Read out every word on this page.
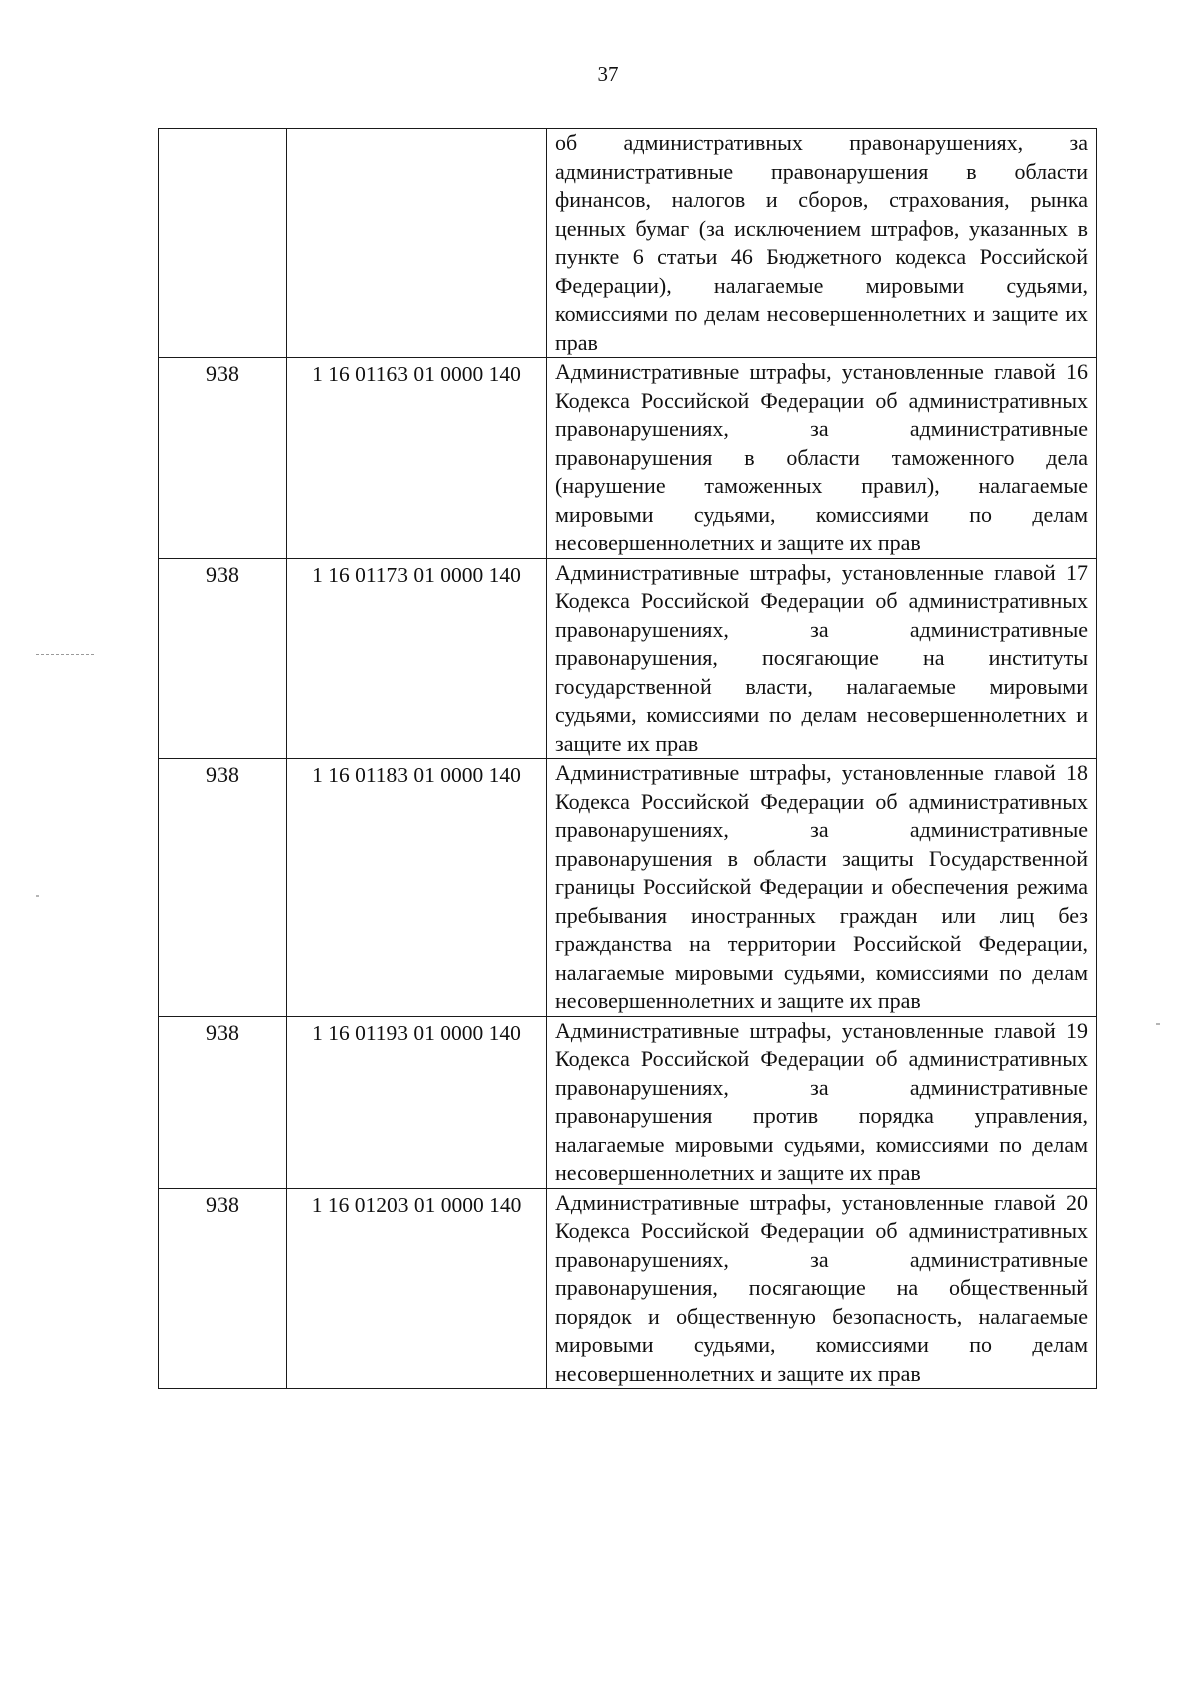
37
		об административных правонарушениях, за административные правонарушения в области финансов, налогов и сборов, страхования, рынка ценных бумаг (за исключением штрафов, указанных в пункте 6 статьи 46 Бюджетного кодекса Российской Федерации), налагаемые мировыми судьями, комиссиями по делам несовершеннолетних и защите их прав
938	1 16 01163 01 0000 140	Административные штрафы, установленные главой 16 Кодекса Российской Федерации об административных правонарушениях, за административные правонарушения в области таможенного дела (нарушение таможенных правил), налагаемые мировыми судьями, комиссиями по делам несовершеннолетних и защите их прав
938	1 16 01173 01 0000 140	Административные штрафы, установленные главой 17 Кодекса Российской Федерации об административных правонарушениях, за административные правонарушения, посягающие на институты государственной власти, налагаемые мировыми судьями, комиссиями по делам несовершеннолетних и защите их прав
938	1 16 01183 01 0000 140	Административные штрафы, установленные главой 18 Кодекса Российской Федерации об административных правонарушениях, за административные правонарушения в области защиты Государственной границы Российской Федерации и обеспечения режима пребывания иностранных граждан или лиц без гражданства на территории Российской Федерации, налагаемые мировыми судьями, комиссиями по делам несовершеннолетних и защите их прав
938	1 16 01193 01 0000 140	Административные штрафы, установленные главой 19 Кодекса Российской Федерации об административных правонарушениях, за административные правонарушения против порядка управления, налагаемые мировыми судьями, комиссиями по делам несовершеннолетних и защите их прав
938	1 16 01203 01 0000 140	Административные штрафы, установленные главой 20 Кодекса Российской Федерации об административных правонарушениях, за административные правонарушения, посягающие на общественный порядок и общественную безопасность, налагаемые мировыми судьями, комиссиями по делам несовершеннолетних и защите их прав
